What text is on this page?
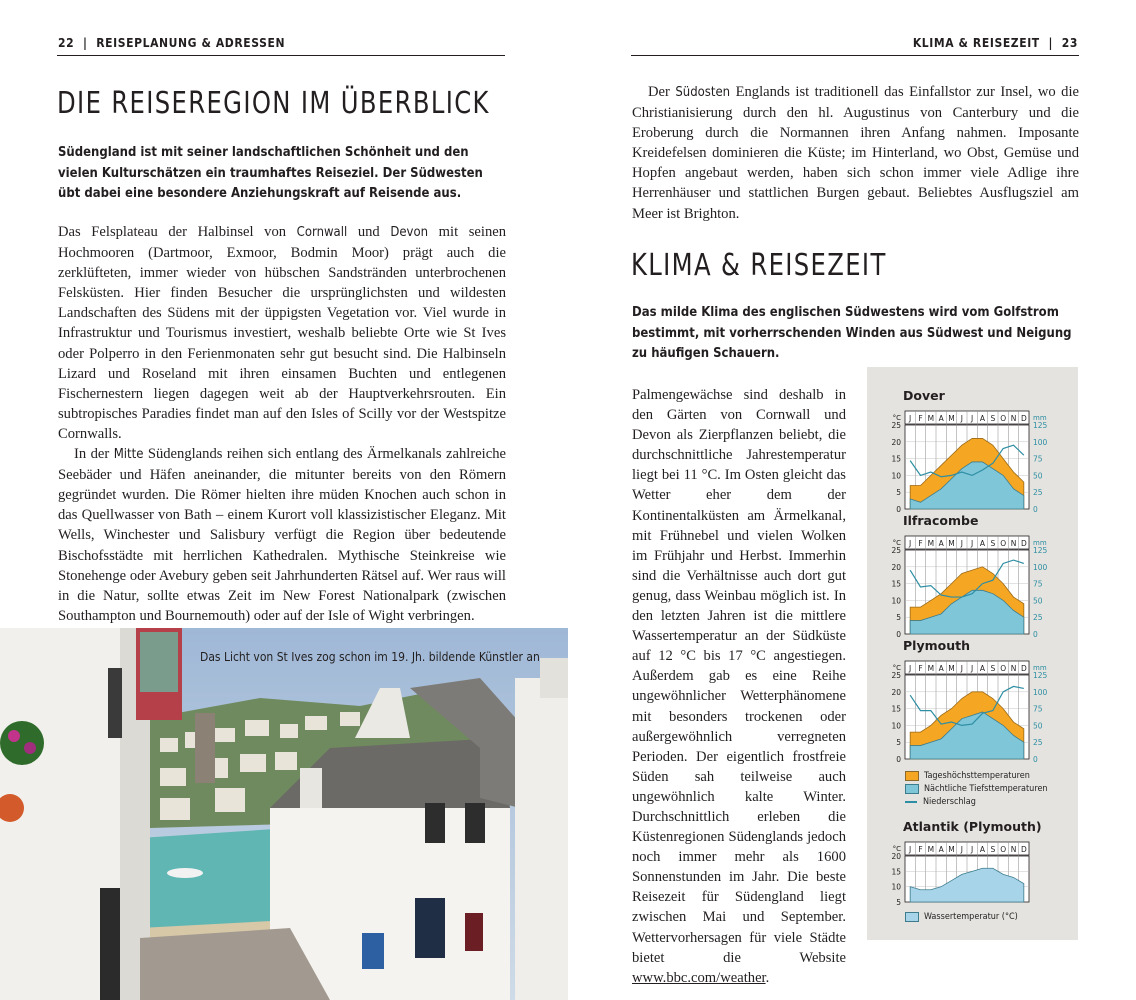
22  |  REISEPLANUNG & ADRESSEN
DIE REISEREGION IM ÜBERBLICK
Südengland ist mit seiner landschaftlichen Schönheit und den vielen Kulturschätzen ein traumhaftes Reiseziel. Der Südwesten übt dabei eine besondere Anziehungskraft auf Reisende aus.

Das Felsplateau der Halbinsel von Cornwall und Devon mit seinen Hochmooren (Dartmoor, Exmoor, Bodmin Moor) prägt auch die zerklüfteten, immer wieder von hübschen Sandstränden unterbrochenen Felsküsten. Hier finden Besucher die ursprünglichsten und wildesten Landschaften des Südens mit der üppigsten Vegetation vor. Viel wurde in Infrastruktur und Tourismus investiert, weshalb beliebte Orte wie St Ives oder Polperro in den Ferienmonaten sehr gut besucht sind. Die Halbinseln Lizard und Roseland mit ihren einsamen Buchten und entlegenen Fischernestern liegen dagegen weit ab der Hauptverkehrsrouten. Ein subtropisches Paradies findet man auf den Isles of Scilly vor der Westspitze Cornwalls.

In der Mitte Südenglands reihen sich entlang des Ärmelkanals zahlreiche Seebäder und Häfen aneinander, die mitunter bereits von den Römern gegründet wurden. Die Römer hielten ihre müden Knochen auch schon in das Quellwasser von Bath – einem Kurort voll klassizistischer Eleganz. Mit Wells, Winchester und Salisbury verfügt die Region über bedeutende Bischofsstädte mit herrlichen Kathedralen. Mythische Steinkreise wie Stonehenge oder Avebury geben seit Jahrhunderten Rätsel auf. Wer raus will in die Natur, sollte etwas Zeit im New Forest Nationalpark (zwischen Southampton und Bournemouth) oder auf der Isle of Wight verbringen.

Das Licht von St Ives zog schon im 19. Jh. bildende Künstler an
KLIMA & REISEZEIT  |  23

Der Südosten Englands ist traditionell das Einfallstor zur Insel, wo die Christianisierung durch den hl. Augustinus von Canterbury und die Eroberung durch die Normannen ihren Anfang nahmen. Imposante Kreidefelsen dominieren die Küste; im Hinterland, wo Obst, Gemüse und Hopfen angebaut werden, haben sich schon immer viele Adlige ihre Herrenhäuser und stattlichen Burgen gebaut. Beliebtes Ausflugsziel am Meer ist Brighton.

KLIMA & REISEZEIT
Das milde Klima des englischen Südwestens wird vom Golfstrom bestimmt, mit vorherrschenden Winden aus Südwest und Neigung zu häufigen Schauern.

Palmengewächse sind deshalb in den Gärten von Cornwall und Devon als Zierpflanzen beliebt, die durchschnittliche Jahrestemperatur liegt bei 11 °C. Im Osten gleicht das Wetter eher dem der Kontinentalküsten am Ärmelkanal, mit Frühnebel und vielen Wolken im Frühjahr und Herbst. Immerhin sind die Verhältnisse auch dort gut genug, dass Weinbau möglich ist. In den letzten Jahren ist die mittlere Wassertemperatur an der Südküste auf 12 °C bis 17 °C angestiegen. Außerdem gab es eine Reihe ungewöhnlicher Wetterphänomene mit besonders trockenen oder außergewöhnlich verregneten Perioden. Der eigentlich frostfreie Süden sah teilweise auch ungewöhnlich kalte Winter. Durchschnittlich erleben die Küstenregionen Südenglands jedoch noch immer mehr als 1600 Sonnenstunden im Jahr. Die beste Reisezeit für Südengland liegt zwischen Mai und September. Wettervorhersagen für viele Städte bietet die Website www.bbc.com/weather.

Dover
J F M A M J J A S O N D
°C
0
5
10
15
20
25
mm
0
25
50
75
100
125
Ilfracombe
J F M A M J J A S O N D
°C
0
5
10
15
20
25
mm
0
25
50
75
100
125
Plymouth
J F M A M J J A S O N D
°C
0
5
10
15
20
25
mm
0
25
50
75
100
125
Atlantik (Plymouth)
J F M A M J J A S O N D
°C
5
10
15
20
Tageshöchsttemperaturen
Nächtliche Tiefsttemperaturen
Niederschlag
Wassertemperatur (°C)
